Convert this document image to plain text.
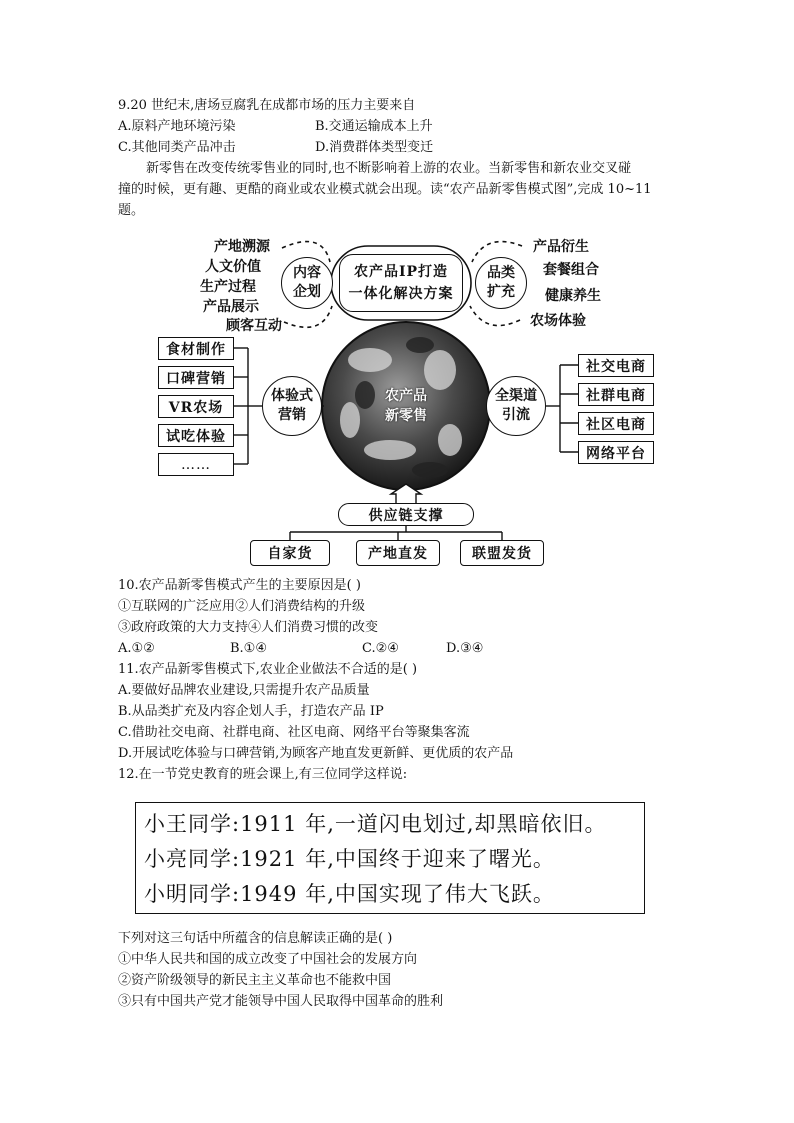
9.20 世纪末,唐场豆腐乳在成都市场的压力主要来自
A.原料产地环境污染	B.交通运输成本上升
C.其他同类产品冲击	D.消费群体类型变迁
新零售在改变传统零售业的同时,也不断影响着上游的农业。当新零售和新农业交叉碰
撞的时候，更有趣、更酷的商业或农业模式就会出现。读“农产品新零售模式图”,完成 10~11
题。
农产品IP打造
一体化解决方案
内容
企划
产地溯源
人文价值
生产过程
产品展示
顾客互动
品类
扩充
产品衍生
套餐组合
健康养生
农场体验
农产品
新零售
体验式
营销
食材制作
口碑营销
VR农场
试吃体验
……
全渠道
引流
社交电商
社群电商
社区电商
网络平台
供应链支撑
自家货	产地直发	联盟发货
10.农产品新零售模式产生的主要原因是( )
①互联网的广泛应用②人们消费结构的升级
③政府政策的大力支持④人们消费习惯的改变
A.①②	B.①④	C.②④	D.③④
11.农产品新零售模式下,农业企业做法不合适的是( )
A.要做好品牌农业建设,只需提升农产品质量
B.从品类扩充及内容企划人手，打造农产品 IP
C.借助社交电商、社群电商、社区电商、网络平台等聚集客流
D.开展试吃体验与口碑营销,为顾客产地直发更新鲜、更优质的农产品
12.在一节党史教育的班会课上,有三位同学这样说:
小王同学:1911 年,一道闪电划过,却黑暗依旧。
小亮同学:1921 年,中国终于迎来了曙光。
小明同学:1949 年,中国实现了伟大飞跃。
下列对这三句话中所蕴含的信息解读正确的是( )
①中华人民共和国的成立改变了中国社会的发展方向
②资产阶级领导的新民主主义革命也不能救中国
③只有中国共产党才能领导中国人民取得中国革命的胜利
